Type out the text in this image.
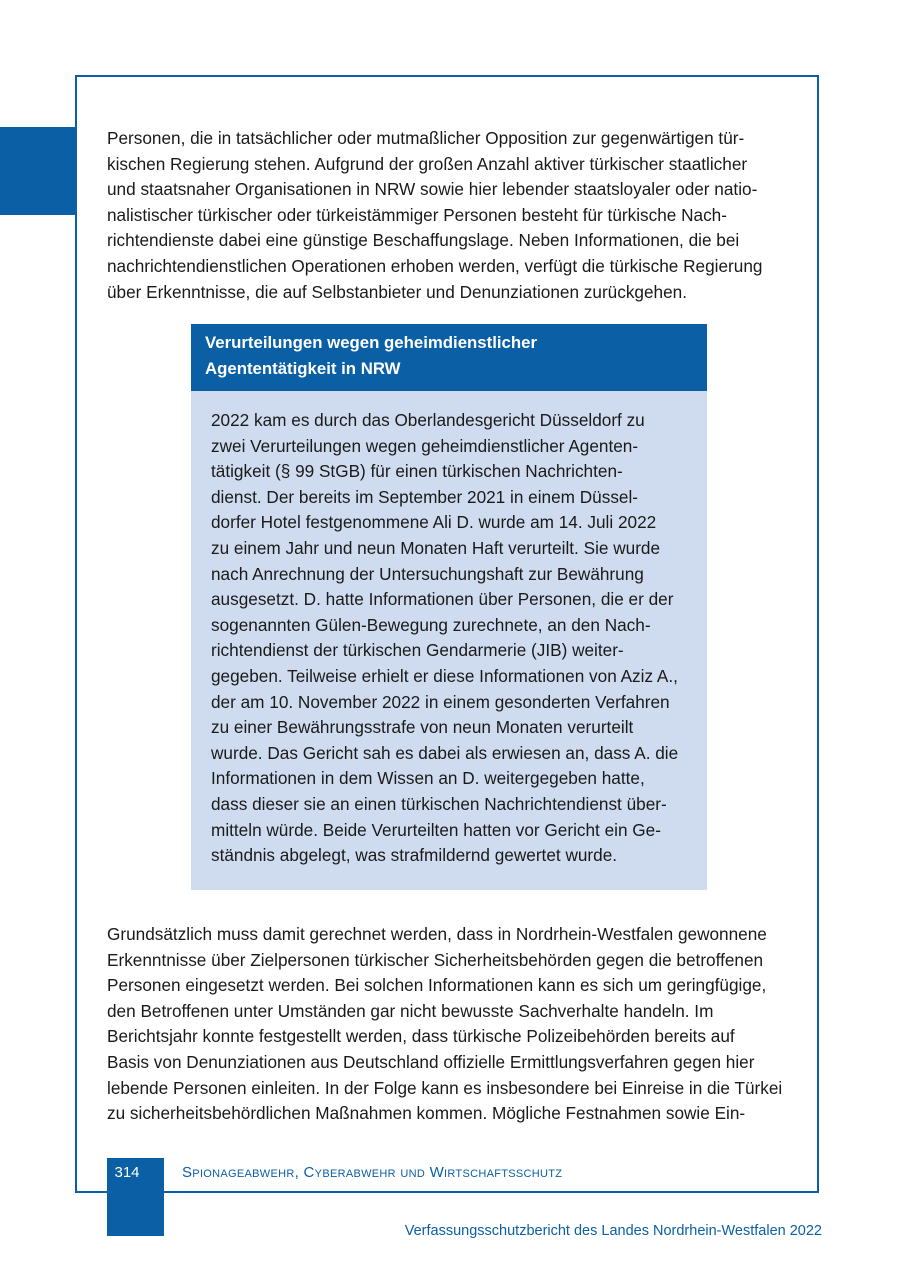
Personen, die in tatsächlicher oder mutmaßlicher Opposition zur gegenwärtigen tür-
kischen Regierung stehen. Aufgrund der großen Anzahl aktiver türkischer staatlicher
und staatsnaher Organisationen in NRW sowie hier lebender staatsloyaler oder natio-
nalistischer türkischer oder türkeistämmiger Personen besteht für türkische Nach-
richtendienste dabei eine günstige Beschaffungslage. Neben Informationen, die bei
nachrichtendienstlichen Operationen erhoben werden, verfügt die türkische Regierung
über Erkenntnisse, die auf Selbstanbieter und Denunziationen zurückgehen.

Verurteilungen wegen geheimdienstlicher
Agententätigkeit in NRW
2022 kam es durch das Oberlandesgericht Düsseldorf zu
zwei Verurteilungen wegen geheimdienstlicher Agenten-
tätigkeit (§ 99 StGB) für einen türkischen Nachrichten-
dienst. Der bereits im September 2021 in einem Düssel-
dorfer Hotel festgenommene Ali D. wurde am 14. Juli 2022
zu einem Jahr und neun Monaten Haft verurteilt. Sie wurde
nach Anrechnung der Untersuchungshaft zur Bewährung
ausgesetzt. D. hatte Informationen über Personen, die er der
sogenannten Gülen-Bewegung zurechnete, an den Nach-
richtendienst der türkischen Gendarmerie (JIB) weiter-
gegeben. Teilweise erhielt er diese Informationen von Aziz A.,
der am 10. November 2022 in einem gesonderten Verfahren
zu einer Bewährungsstrafe von neun Monaten verurteilt
wurde. Das Gericht sah es dabei als erwiesen an, dass A. die
Informationen in dem Wissen an D. weitergegeben hatte,
dass dieser sie an einen türkischen Nachrichtendienst über-
mitteln würde. Beide Verurteilten hatten vor Gericht ein Ge-
ständnis abgelegt, was strafmildernd gewertet wurde.

Grundsätzlich muss damit gerechnet werden, dass in Nordrhein-Westfalen gewonnene
Erkenntnisse über Zielpersonen türkischer Sicherheitsbehörden gegen die betroffenen
Personen eingesetzt werden. Bei solchen Informationen kann es sich um geringfügige,
den Betroffenen unter Umständen gar nicht bewusste Sachverhalte handeln. Im
Berichtsjahr konnte festgestellt werden, dass türkische Polizeibehörden bereits auf
Basis von Denunziationen aus Deutschland offizielle Ermittlungsverfahren gegen hier
lebende Personen einleiten. In der Folge kann es insbesondere bei Einreise in die Türkei
zu sicherheitsbehördlichen Maßnahmen kommen. Mögliche Festnahmen sowie Ein-

314	Spionageabwehr, Cyberabwehr und Wirtschaftsschutz
Verfassungsschutzbericht des Landes Nordrhein-Westfalen 2022
